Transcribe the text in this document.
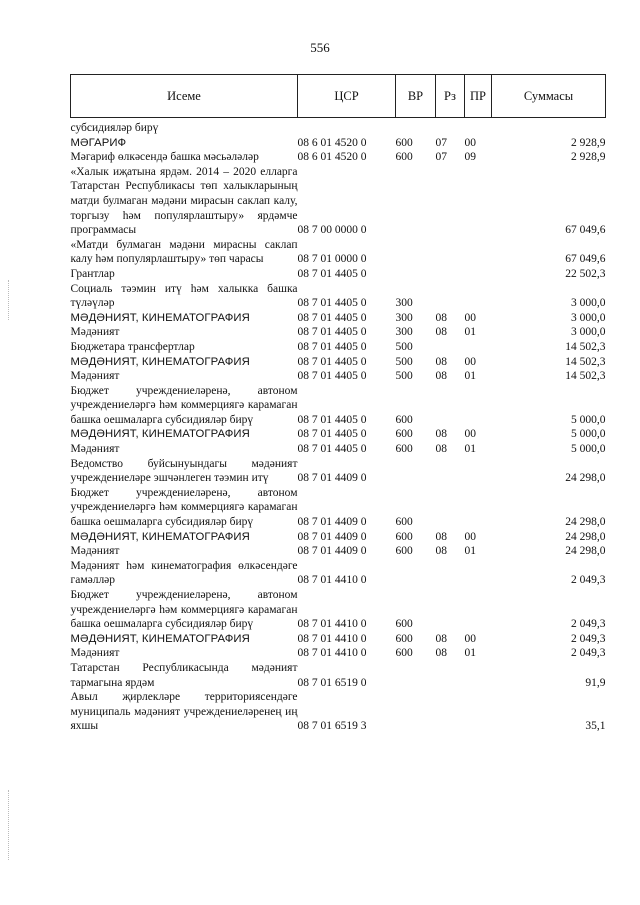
556
Исеме	ЦСР	ВР	Рз	ПР	Суммасы
субсидияләр бирү					
МӘГАРИФ	08 6 01 4520 0	600	07	00	2 928,9
Мәгариф өлкәсендә башка мәсьәләләр	08 6 01 4520 0	600	07	09	2 928,9
«Халык иҗатына ярдәм. 2014 – 2020 елларга Татарстан Республикасы төп халыкларының матди булмаган мәдәни мирасын саклап калу, торгызу һәм популярлаштыру» ярдәмче программасы	08 7 00 0000 0				67 049,6
«Матди булмаган мәдәни мирасны саклап калу һәм популярлаштыру» төп чарасы	08 7 01 0000 0				67 049,6
Грантлар	08 7 01 4405 0				22 502,3
Социаль тәэмин итү һәм халыкка башка түләүләр	08 7 01 4405 0	300			3 000,0
МӘДӘНИЯТ, КИНЕМАТОГРАФИЯ	08 7 01 4405 0	300	08	00	3 000,0
Мәдәният	08 7 01 4405 0	300	08	01	3 000,0
Бюджетара трансфертлар	08 7 01 4405 0	500			14 502,3
МӘДӘНИЯТ, КИНЕМАТОГРАФИЯ	08 7 01 4405 0	500	08	00	14 502,3
Мәдәният	08 7 01 4405 0	500	08	01	14 502,3
Бюджет учреждениеләренә, автоном учреждениеләргә һәм коммерциягә карамаган башка оешмаларга субсидияләр бирү	08 7 01 4405 0	600			5 000,0
МӘДӘНИЯТ, КИНЕМАТОГРАФИЯ	08 7 01 4405 0	600	08	00	5 000,0
Мәдәният	08 7 01 4405 0	600	08	01	5 000,0
Ведомство буйсынуындагы мәдәният учреждениеләре эшчәнлеген тәэмин итү	08 7 01 4409 0				24 298,0
Бюджет учреждениеләренә, автоном учреждениеләргә һәм коммерциягә карамаган башка оешмаларга субсидияләр бирү	08 7 01 4409 0	600			24 298,0
МӘДӘНИЯТ, КИНЕМАТОГРАФИЯ	08 7 01 4409 0	600	08	00	24 298,0
Мәдәният	08 7 01 4409 0	600	08	01	24 298,0
Мәдәният һәм кинематография өлкәсендәге гамәлләр	08 7 01 4410 0				2 049,3
Бюджет учреждениеләренә, автоном учреждениеләргә һәм коммерциягә карамаган башка оешмаларга субсидияләр бирү	08 7 01 4410 0	600			2 049,3
МӘДӘНИЯТ, КИНЕМАТОГРАФИЯ	08 7 01 4410 0	600	08	00	2 049,3
Мәдәният	08 7 01 4410 0	600	08	01	2 049,3
Татарстан Республикасында мәдәният тармагына ярдәм	08 7 01 6519 0				91,9
Авыл җирлекләре территориясендәге муниципаль мәдәният учреждениеләренең иң яхшы	08 7 01 6519 3				35,1
